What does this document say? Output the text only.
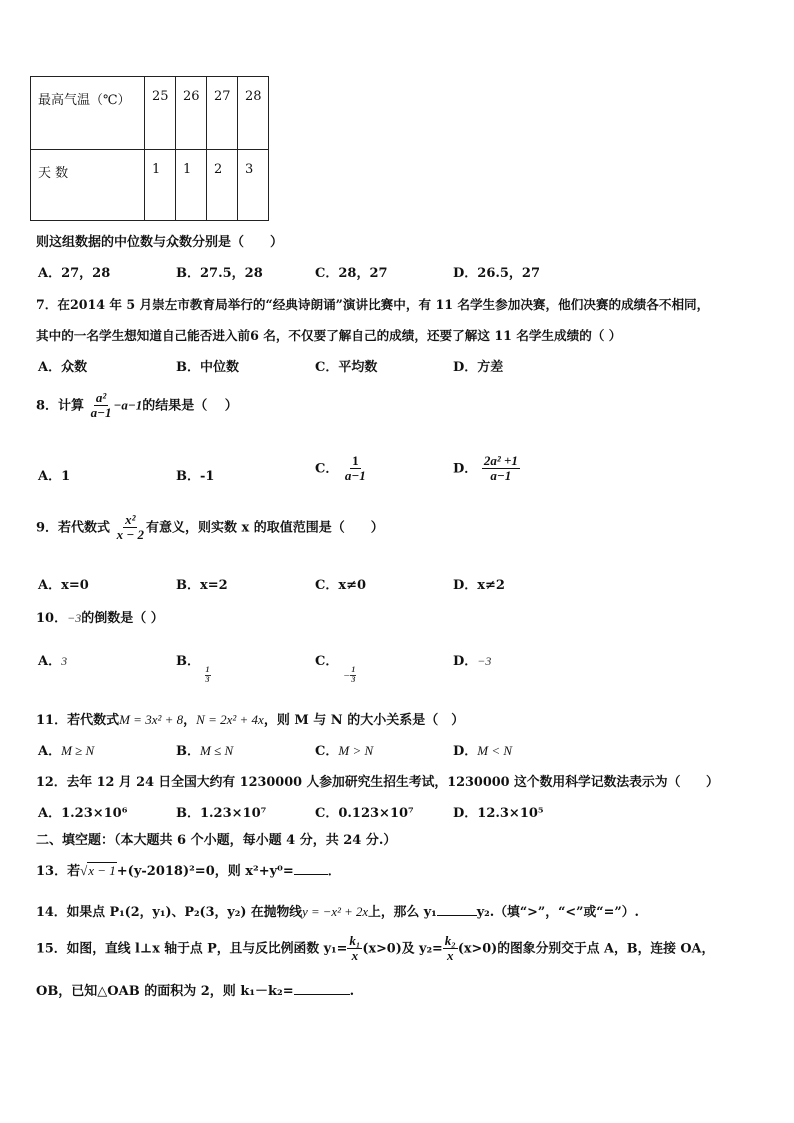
最高气温（℃）	25	26	27	28
天 数	1	1	2	3
则这组数据的中位数与众数分别是（　　）
A．27，28	B．27.5，28	C．28，27	D．26.5，27
7．在2014 年 5 月崇左市教育局举行的“经典诗朗诵”演讲比赛中，有 11 名学生参加决赛，他们决赛的成绩各不相同，
其中的一名学生想知道自己能否进入前6 名，不仅要了解自己的成绩，还要了解这 11 名学生成绩的（ ）
A．众数	B．中位数	C．平均数	D．方差
8．计算 $\frac{\text{a²}}{a-1} -a-1$的结果是（　 ）
A．1	B．-1
C． $\frac{1}{a-1}$	D． $\frac{\text{2a² +1}}{a-1}$
9．若代数式 $\frac{\text{x²}}{x - 2}$ 有意义，则实数 x 的取值范围是（　　）
A．x=0	B．x=2	C．x≠0	D．x≠2
10．−3的倒数是（ ）
A．3	B．
$\frac{1}{3}$
C． − $\frac{1}{3}$
D．−3
11．若代数式M = 3x² + 8，N = 2x² + 4x，则 M 与 N 的大小关系是（　）
A．M ≥ N	B．M ≤ N	C．M > N	D．M < N
12．去年 12 月 24 日全国大约有 1230000 人参加研究生招生考试，1230000 这个数用科学记数法表示为（　　）
A．1.23×10⁶	B．1.23×10⁷	C．0.123×10⁷	D．12.3×10⁵
二、填空题：（本大题共 6 个小题，每小题 4 分，共 24 分.）
13．若√x − 1+(y-2018)²=0，则 x²+y⁰=	．
14．如果点 P₁(2，y₁)、P₂(3，y₂) 在抛物线y = −x² + 2x上，那么 y₁	y₂.（填“>”，“<”或“=”）.
15．如图，直线 l⊥x 轴于点 P，且与反比例函数 $y_1= \frac{\text{k₁}}{x} (x>0)$及 $y_2= \frac{\text{k₂}}{x} (x>0)$的图象分别交于点 A，B，连接 OA，
OB，已知△OAB 的面积为 2，则 k₁－k₂=	.
